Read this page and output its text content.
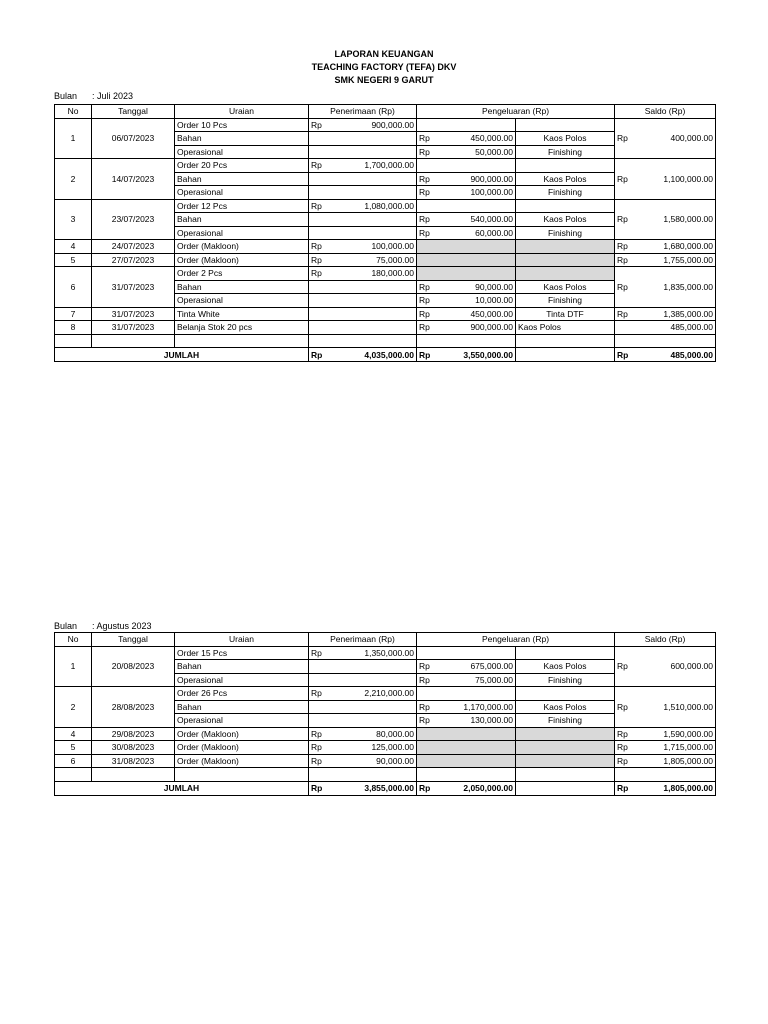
LAPORAN KEUANGAN
TEACHING FACTORY (TEFA) DKV
SMK NEGERI 9 GARUT
Bulan : Juli 2023
No	Tanggal	Uraian	Penerimaan (Rp)	Pengeluaran (Rp)		Saldo (Rp)
1	06/07/2023	Order 10 Pcs	Rp 900,000.00			Rp 400,000.00

		Bahan		Rp 450,000.00	Kaos Polos	
		Operasional		Rp 50,000.00	Finishing	
2	14/07/2023	Order 20 Pcs	Rp 1,700,000.00			Rp 1,100,000.00

		Bahan		Rp 900,000.00	Kaos Polos	
		Operasional		Rp 100,000.00	Finishing	
3	23/07/2023	Order 12 Pcs	Rp 1,080,000.00			Rp 1,580,000.00

		Bahan		Rp 540,000.00	Kaos Polos	
		Operasional		Rp 60,000.00	Finishing	
4	24/07/2023	Order (Makloon)	Rp 100,000.00			Rp 1,680,000.00

5	27/07/2023	Order (Makloon)	Rp 75,000.00			Rp 1,755,000.00

6	31/07/2023	Order 2 Pcs	Rp 180,000.00			Rp 1,835,000.00

		Bahan		Rp 90,000.00	Kaos Polos	
		Operasional		Rp 10,000.00	Finishing	
7	31/07/2023	Tinta White		Rp 450,000.00	Tinta DTF	Rp 1,385,000.00

8	31/07/2023	Belanja Stok 20 pcs		Rp 900,000.00	Kaos Polos	485,000.00

JUMLAH			Rp 4,035,000.00	Rp 3,550,000.00		Rp 485,000.00
Bulan : Agustus 2023
No	Tanggal	Uraian	Penerimaan (Rp)	Pengeluaran (Rp)		Saldo (Rp)
1	20/08/2023	Order 15 Pcs	Rp 1,350,000.00			Rp 600,000.00

		Bahan		Rp 675,000.00	Kaos Polos	
		Operasional		Rp 75,000.00	Finishing	
2	28/08/2023	Order 26 Pcs	Rp 2,210,000.00			Rp 1,510,000.00

		Bahan		Rp 1,170,000.00	Kaos Polos	
		Operasional		Rp 130,000.00	Finishing	
4	29/08/2023	Order (Makloon)	Rp 80,000.00			Rp 1,590,000.00

5	30/08/2023	Order (Makloon)	Rp 125,000.00			Rp 1,715,000.00

6	31/08/2023	Order (Makloon)	Rp 90,000.00			Rp 1,805,000.00

JUMLAH			Rp 3,855,000.00	Rp 2,050,000.00		Rp 1,805,000.00
